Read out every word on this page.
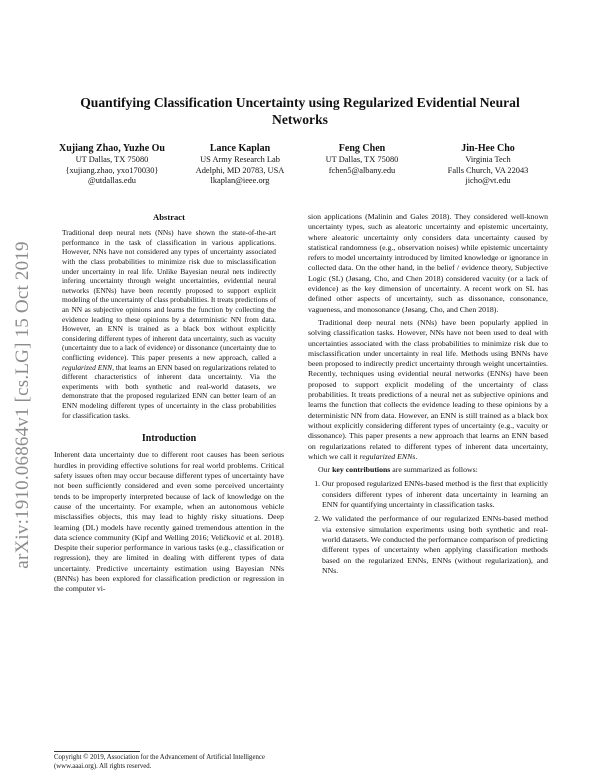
arXiv:1910.06864v1 [cs.LG] 15 Oct 2019
Quantifying Classification Uncertainty using Regularized Evidential Neural Networks
Xujiang Zhao, Yuzhe Ou
UT Dallas, TX 75080
{xujiang.zhao, yxo170030}
@utdallas.edu
Lance Kaplan
US Army Research Lab
Adelphi, MD 20783, USA
lkaplan@ieee.org
Feng Chen
UT Dallas, TX 75080
fchen5@albany.edu
Jin-Hee Cho
Virginia Tech
Falls Church, VA 22043
jicho@vt.edu
Abstract

Traditional deep neural nets (NNs) have shown the state-of-the-art performance in the task of classification in various applications. However, NNs have not considered any types of uncertainty associated with the class probabilities to minimize risk due to misclassification under uncertainty in real life. Unlike Bayesian neural nets indirectly infering uncertainty through weight uncertainties, evidential neural networks (ENNs) have been recently proposed to support explicit modeling of the uncertainty of class probabilities. It treats predictions of an NN as subjective opinions and learns the function by collecting the evidence leading to these opinions by a deterministic NN from data. However, an ENN is trained as a black box without explicitly considering different types of inherent data uncertainty, such as vacuity (uncertainty due to a lack of evidence) or dissonance (uncertainty due to conflicting evidence). This paper presents a new approach, called a regularized ENN, that learns an ENN based on regularizations related to different characteristics of inherent data uncertainty. Via the experiments with both synthetic and real-world datasets, we demonstrate that the proposed regularized ENN can better learn of an ENN modeling different types of uncertainty in the class probabilities for classification tasks.

Introduction

Inherent data uncertainty due to different root causes has been serious hurdles in providing effective solutions for real world problems. Critical safety issues often may occur because different types of uncertainty have not been sufficiently considered and even some perceived uncertainty tends to be improperly interpreted because of lack of knowledge on the cause of the uncertainty. For example, when an autonomous vehicle misclassifies objects, this may lead to highly risky situations. Deep learning (DL) models have recently gained tremendous attention in the data science community (Kipf and Welling 2016; Veličković et al. 2018). Despite their superior performance in various tasks (e.g., classification or regression), they are limited in dealing with different types of data uncertainty. Predictive uncertainty estimation using Bayesian NNs (BNNs) has been explored for classification prediction or regression in the computer vi-

Copyright © 2019, Association for the Advancement of Artificial Intelligence (www.aaai.org). All rights reserved.

sion applications (Malinin and Gales 2018). They considered well-known uncertainty types, such as aleatoric uncertainty and epistemic uncertainty, where aleatoric uncertainty only considers data uncertainty caused by statistical randomness (e.g., observation noises) while epistemic uncertainty refers to model uncertainty introduced by limited knowledge or ignorance in collected data. On the other hand, in the belief / evidence theory, Subjective Logic (SL) (Jøsang, Cho, and Chen 2018) considered vacuity (or a lack of evidence) as the key dimension of uncertainty. A recent work on SL has defined other aspects of uncertainty, such as dissonance, consonance, vagueness, and monosonance (Jøsang, Cho, and Chen 2018).

Traditional deep neural nets (NNs) have been popularly applied in solving classification tasks. However, NNs have not been used to deal with uncertainties associated with the class probabilities to minimize risk due to misclassification under uncertainty in real life. Methods using BNNs have been proposed to indirectly predict uncertainty through weight uncertainties. Recently, techniques using evidential neural networks (ENNs) have been proposed to support explicit modeling of the uncertainty of class probabilities. It treats predictions of a neural net as subjective opinions and learns the function that collects the evidence leading to these opinions by a deterministic NN from data. However, an ENN is still trained as a black box without explicitly considering different types of uncertainty (e.g., vacuity or dissonance). This paper presents a new approach that learns an ENN based on regularizations related to different types of inherent data uncertainty, which we call it regularized ENNs.

Our key contributions are summarized as follows:

1. Our proposed regularized ENNs-based method is the first that explicitly considers different types of inherent data uncertainty in learning an ENN for quantifying uncertainty in classification tasks.
2. We validated the performance of our regularized ENNs-based method via extensive simulation experiments using both synthetic and real-world datasets. We conducted the performance comparison of predicting different types of uncertainty when applying classification methods based on the regularized ENNs, ENNs (without regularization), and NNs.
